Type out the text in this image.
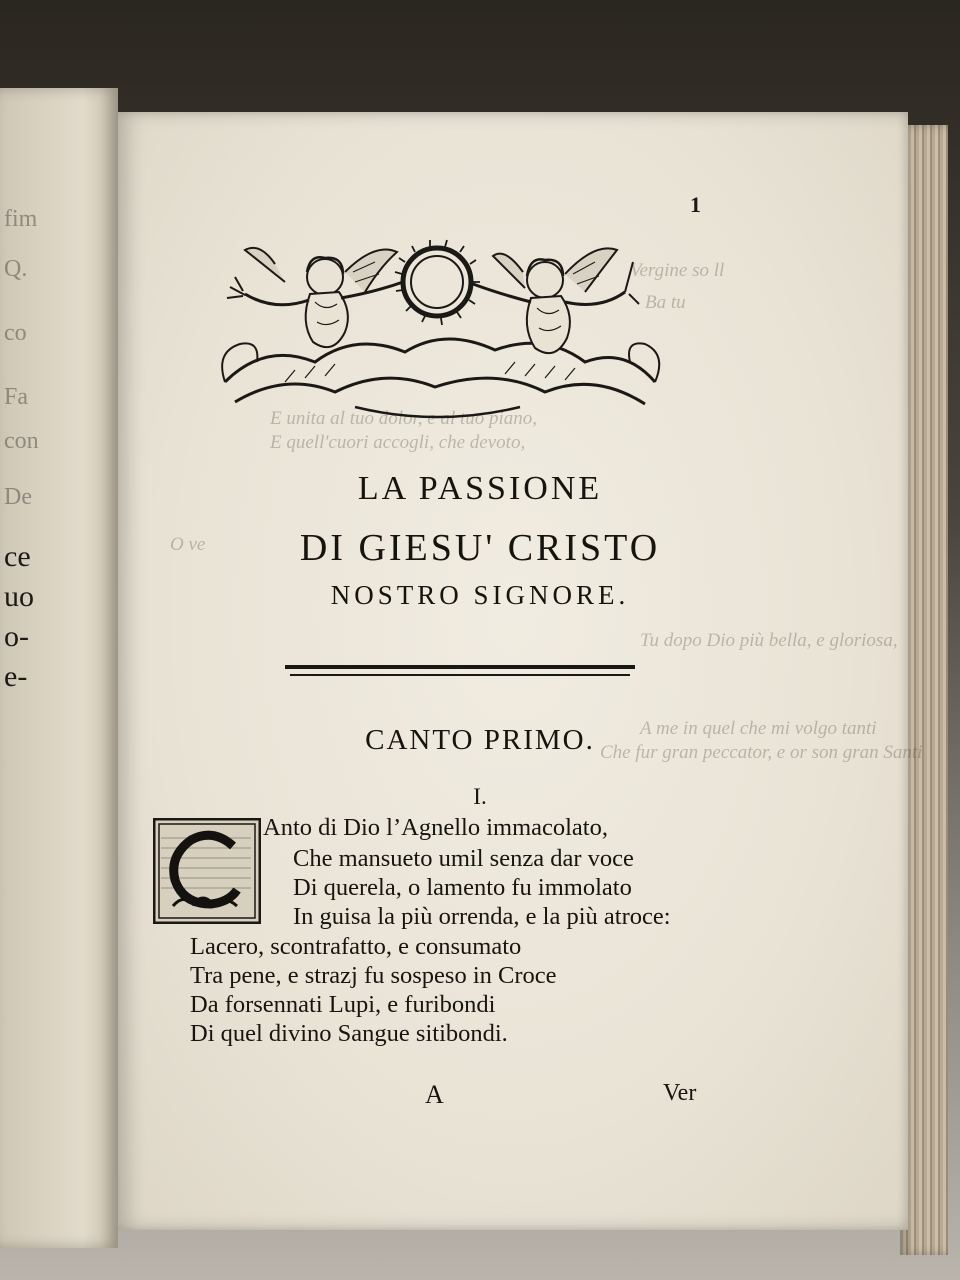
fim
Q.
co
Fa
con
De
ce
uo
o-
e-
Vergine so ll
Ba tu
E unita al tuo dolor, e al tuo piano,
E quell'cuori accogli, che devoto,
O ve
Tu dopo Dio più bella, e gloriosa,
A me in quel che mi volgo tanti
Che fur gran peccator, e or son gran Santi
1
LA PASSIONE
DI GIESU' CRISTO
NOSTRO SIGNORE.
CANTO PRIMO.
I.
Anto di Dio l’Agnello immacolato,
Che mansueto umil senza dar voce
Di querela, o lamento fu immolato
In guisa la più orrenda, e la più atroce:
Lacero, scontrafatto, e consumato
Tra pene, e strazj fu sospeso in Croce
Da forsennati Lupi, e furibondi
Di quel divino Sangue sitibondi.
A	Ver
